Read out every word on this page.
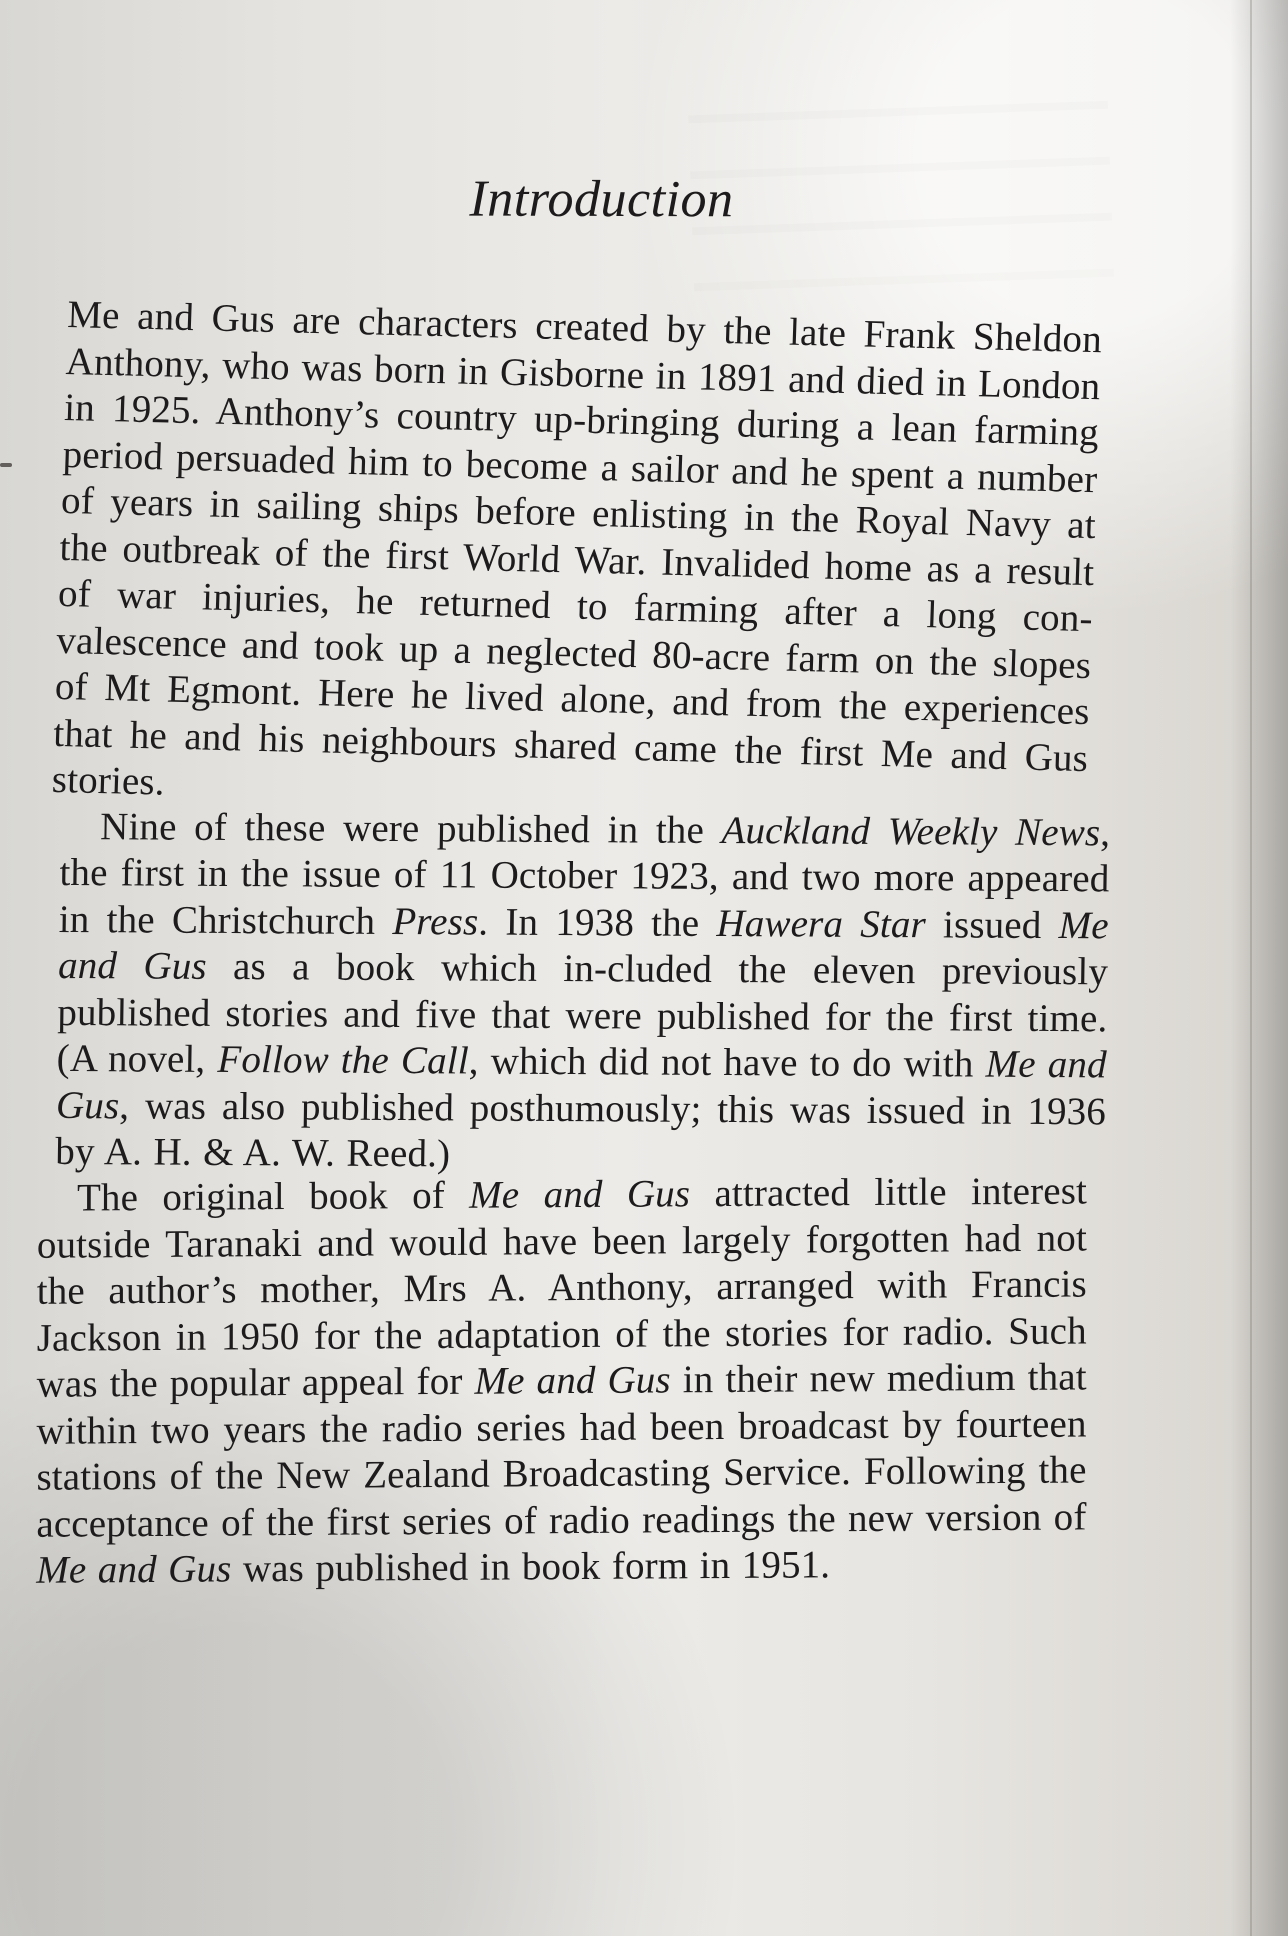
Introduction

Me and Gus are characters created by the late Frank Sheldon Anthony, who was born in Gisborne in 1891 and died in London in 1925. Anthony’s country up-bringing during a lean farming period persuaded him to become a sailor and he spent a number of years in sailing ships before enlisting in the Royal Navy at the outbreak of the first World War. Invalided home as a result of war injuries, he returned to farming after a long con-valescence and took up a neglected 80-acre farm on the slopes of Mt Egmont. Here he lived alone, and from the experiences that he and his neighbours shared came the first Me and Gus stories.

Nine of these were published in the Auckland Weekly News, the first in the issue of 11 October 1923, and two more appeared in the Christchurch Press. In 1938 the Hawera Star issued Me and Gus as a book which in-cluded the eleven previously published stories and five that were published for the first time. (A novel, Follow the Call, which did not have to do with Me and Gus, was also published posthumously; this was issued in 1936 by A. H. & A. W. Reed.)

The original book of Me and Gus attracted little interest outside Taranaki and would have been largely forgotten had not the author’s mother, Mrs A. Anthony, arranged with Francis Jackson in 1950 for the adaptation of the stories for radio. Such was the popular appeal for Me and Gus in their new medium that within two years the radio series had been broadcast by fourteen stations of the New Zealand Broadcasting Service. Following the acceptance of the first series of radio readings the new version of Me and Gus was published in book form in 1951.
